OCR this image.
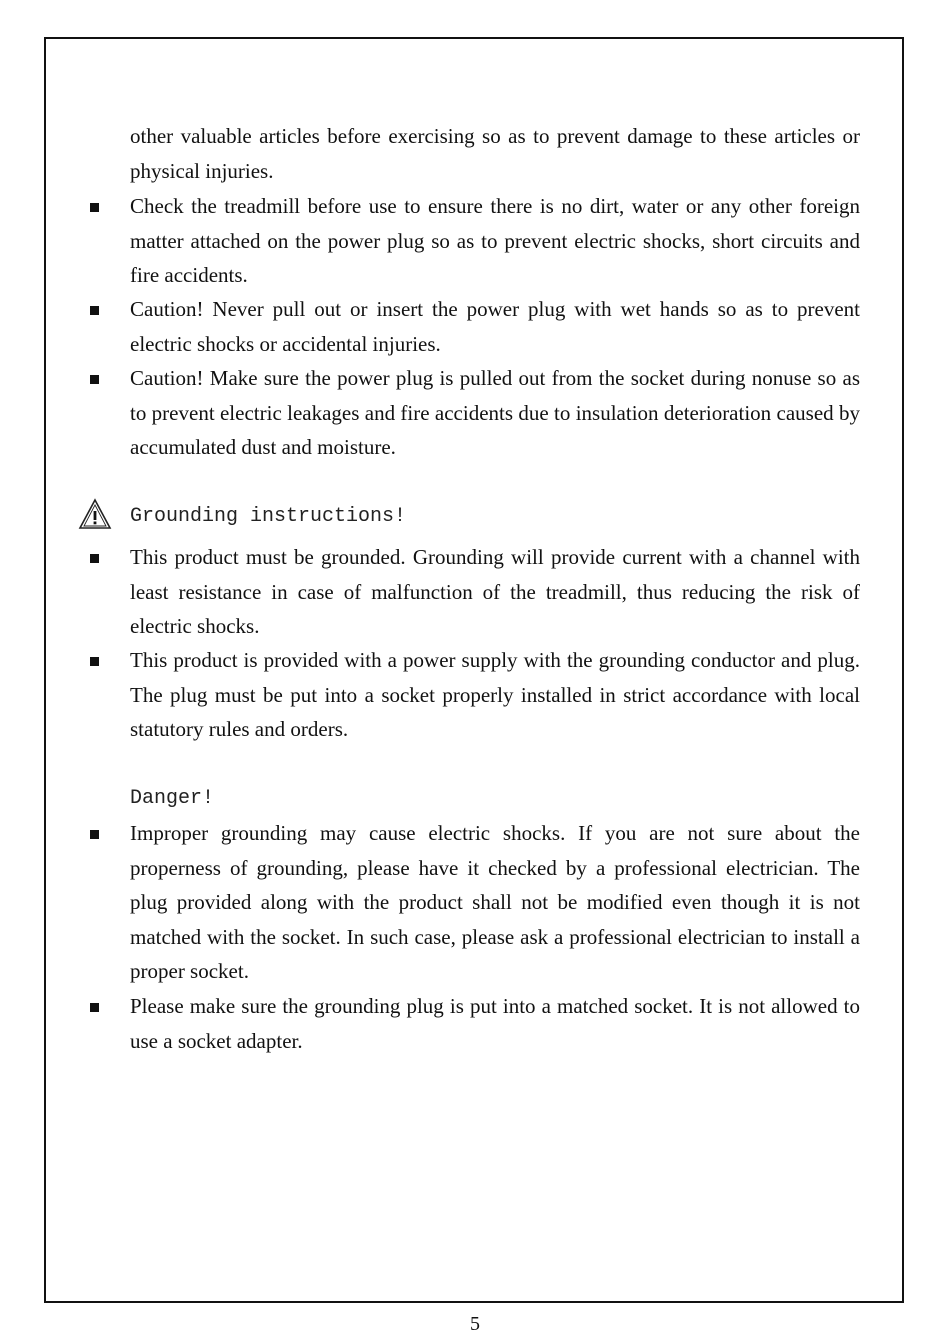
other valuable articles before exercising so as to prevent damage to these articles or physical injuries.

Check the treadmill before use to ensure there is no dirt, water or any other foreign matter attached on the power plug so as to prevent electric shocks, short circuits and fire accidents.

Caution! Never pull out or insert the power plug with wet hands so as to prevent electric shocks or accidental injuries.

Caution! Make sure the power plug is pulled out from the socket during nonuse so as to prevent electric leakages and fire accidents due to insulation deterioration caused by accumulated dust and moisture.

Grounding instructions!

This product must be grounded. Grounding will provide current with a channel with least resistance in case of malfunction of the treadmill, thus reducing the risk of electric shocks.

This product is provided with a power supply with the grounding conductor and plug. The plug must be put into a socket properly installed in strict accordance with local statutory rules and orders.

Danger!

Improper grounding may cause electric shocks. If you are not sure about the properness of grounding, please have it checked by a professional electrician. The plug provided along with the product shall not be modified even though it is not matched with the socket. In such case, please ask a professional electrician to install a proper socket.

Please make sure the grounding plug is put into a matched socket. It is not allowed to use a socket adapter.

5
